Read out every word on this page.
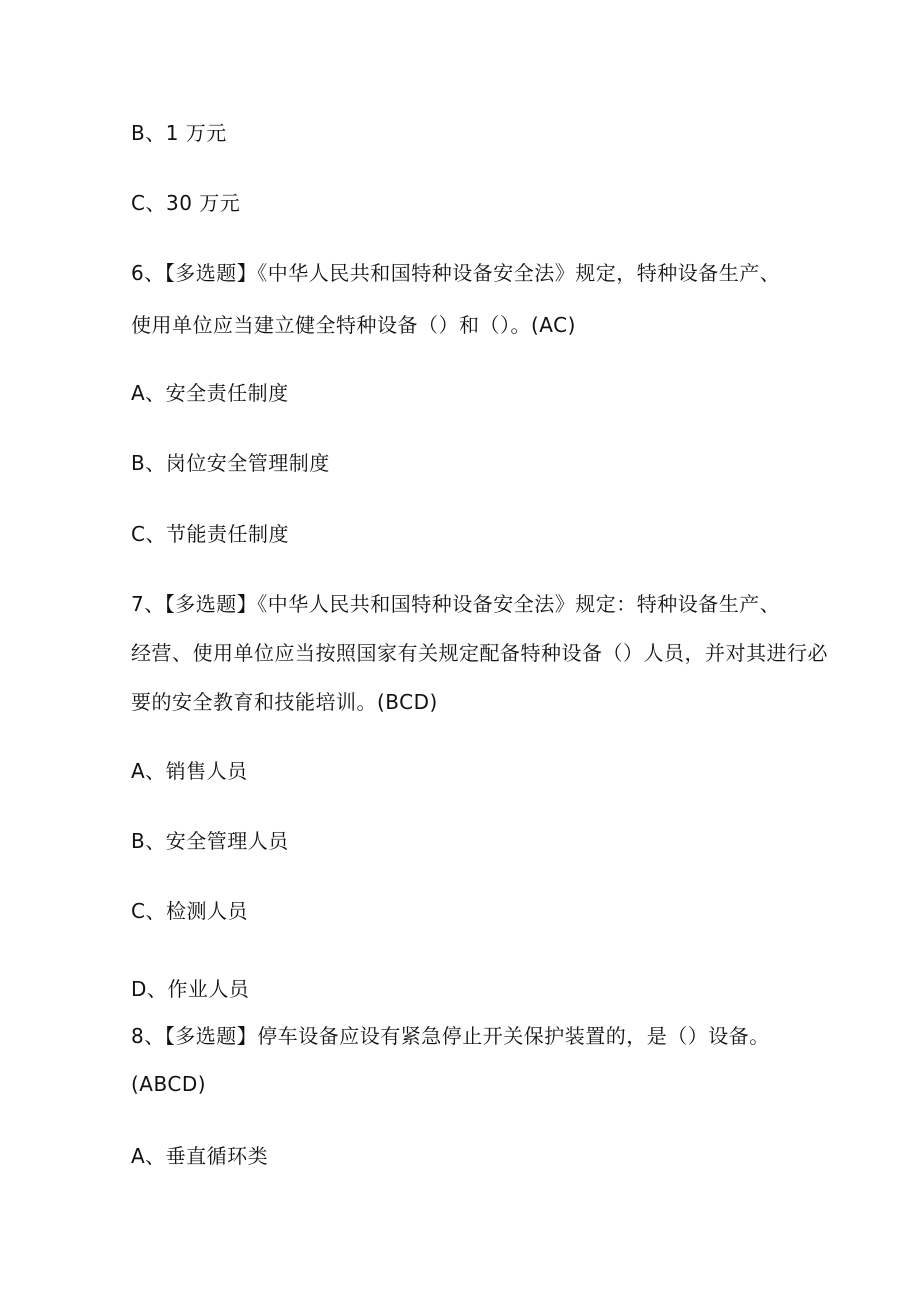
B、1 万元
C、30 万元
6、【多选题】《中华人民共和国特种设备安全法》规定，特种设备生产、
使用单位应当建立健全特种设备（）和（）。(AC)
A、安全责任制度
B、岗位安全管理制度
C、节能责任制度
7、【多选题】《中华人民共和国特种设备安全法》规定：特种设备生产、
经营、使用单位应当按照国家有关规定配备特种设备（）人员，并对其进行必
要的安全教育和技能培训。(BCD)
A、销售人员
B、安全管理人员
C、检测人员
D、作业人员
8、【多选题】停车设备应设有紧急停止开关保护装置的，是（）设备。
(ABCD)
A、垂直循环类
